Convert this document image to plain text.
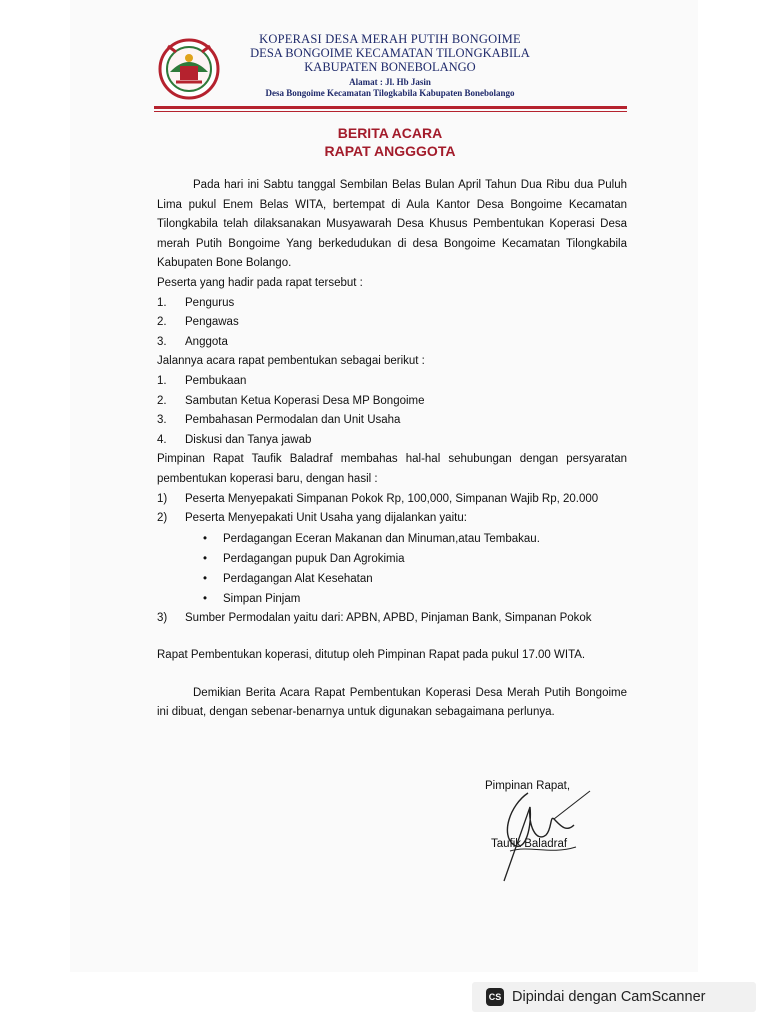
KOPERASI DESA MERAH PUTIH BONGOIME
DESA BONGOIME KECAMATAN TILONGKABILA
KABUPATEN BONEBOLANGO
Alamat : Jl. Hb Jasin
Desa Bongoime Kecamatan Tilogkabila Kabupaten Bonebolango
BERITA ACARA
RAPAT ANGGGOTA

Pada hari ini Sabtu tanggal Sembilan Belas Bulan April Tahun Dua Ribu dua Puluh Lima pukul Enem Belas WITA, bertempat di Aula Kantor Desa Bongoime Kecamatan Tilongkabila telah dilaksanakan Musyawarah Desa Khusus Pembentukan Koperasi Desa merah Putih Bongoime Yang berkedudukan di desa Bongoime Kecamatan Tilongkabila Kabupaten Bone Bolango.

Peserta yang hadir pada rapat tersebut :

1.	Pengurus
2.	Pengawas
3.	Anggota

Jalannya acara rapat pembentukan sebagai berikut :

1.	Pembukaan
2.	Sambutan Ketua Koperasi Desa MP Bongoime
3.	Pembahasan Permodalan dan Unit Usaha
4.	Diskusi dan Tanya jawab

Pimpinan Rapat Taufik Baladraf membahas hal-hal sehubungan dengan persyaratan pembentukan koperasi baru, dengan hasil :

1)	Peserta Menyepakati Simpanan Pokok Rp, 100,000, Simpanan Wajib Rp, 20.000
2)	Peserta Menyepakati Unit Usaha yang dijalankan yaitu:
•	Perdagangan Eceran Makanan dan Minuman,atau Tembakau.
•	Perdagangan pupuk Dan Agrokimia
•	Perdagangan Alat Kesehatan
•	Simpan Pinjam
3)	Sumber Permodalan yaitu dari: APBN, APBD, Pinjaman Bank, Simpanan Pokok

Rapat Pembentukan koperasi, ditutup oleh Pimpinan Rapat pada pukul 17.00 WITA.

Demikian Berita Acara Rapat Pembentukan Koperasi Desa Merah Putih Bongoime ini dibuat, dengan sebenar-benarnya untuk digunakan sebagaimana perlunya.

Pimpinan Rapat,
Taufik Baladraf
CS Dipindai dengan CamScanner
